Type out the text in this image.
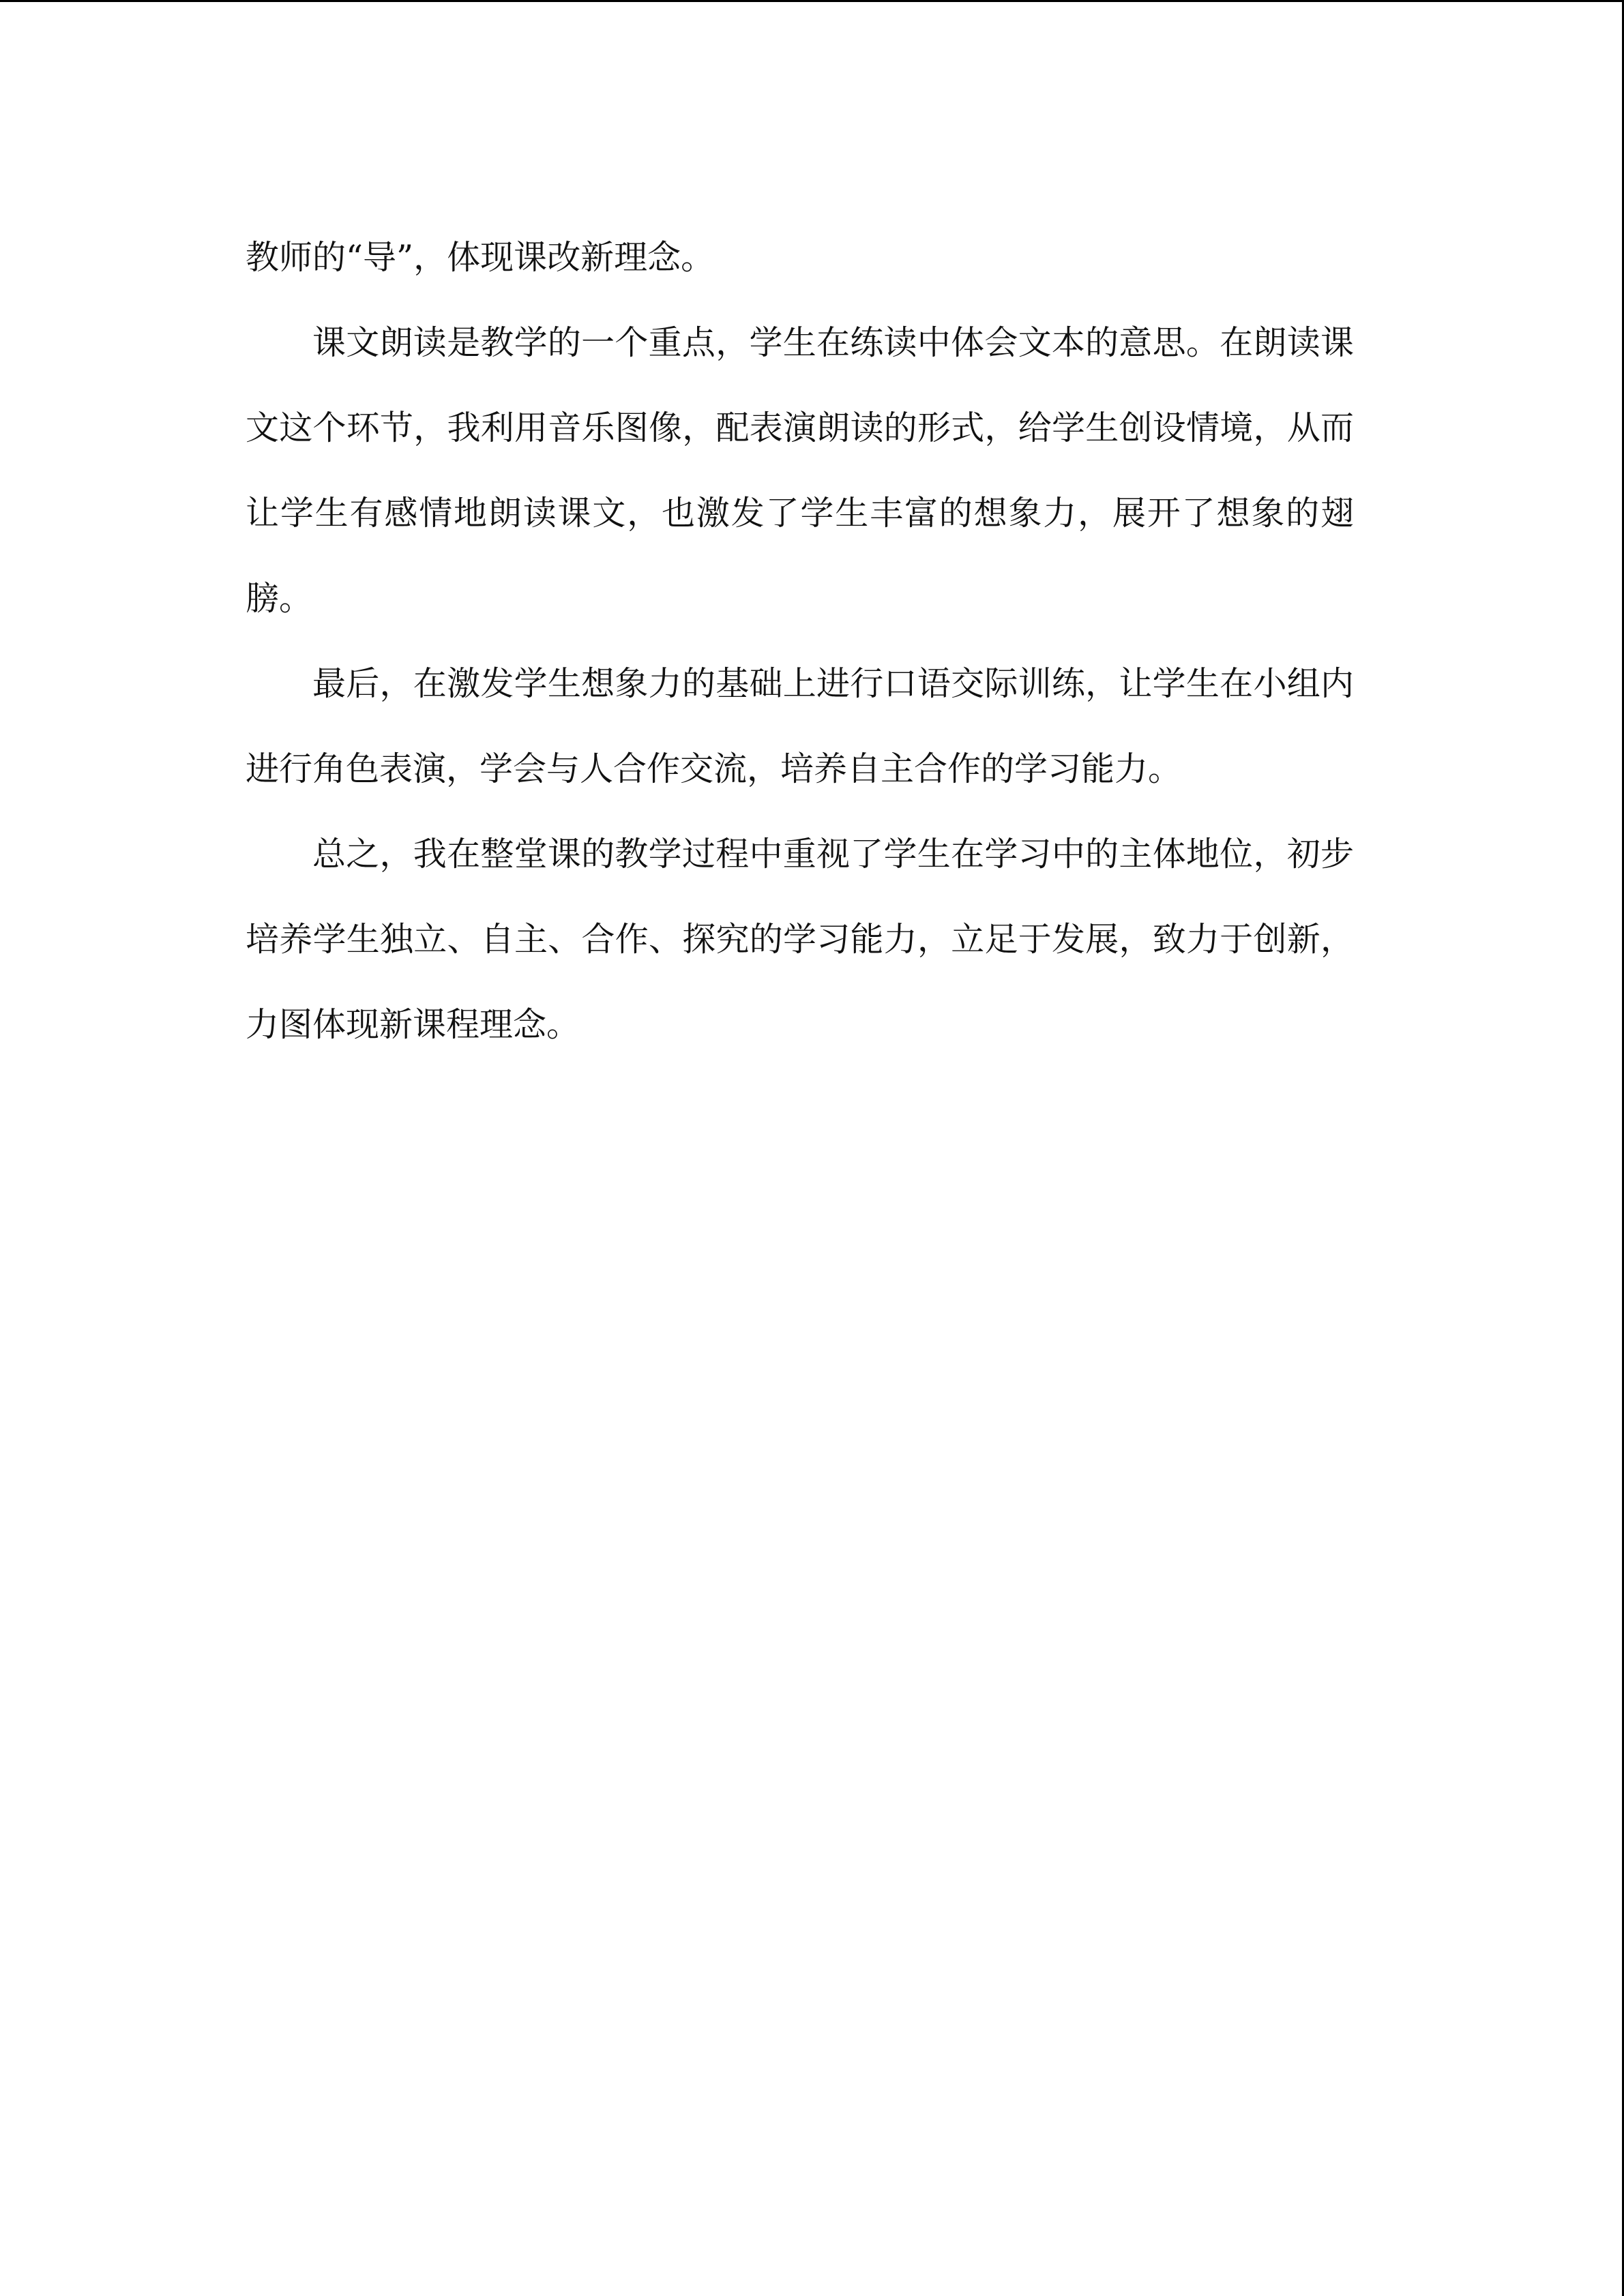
教师的“导”，体现课改新理念。

课文朗读是教学的一个重点，学生在练读中体会文本的意思。在朗读课文这个环节，我利用音乐图像，配表演朗读的形式，给学生创设情境，从而让学生有感情地朗读课文，也激发了学生丰富的想象力，展开了想象的翅膀。

最后，在激发学生想象力的基础上进行口语交际训练，让学生在小组内进行角色表演，学会与人合作交流，培养自主合作的学习能力。

总之，我在整堂课的教学过程中重视了学生在学习中的主体地位，初步培养学生独立、自主、合作、探究的学习能力，立足于发展，致力于创新，力图体现新课程理念。
